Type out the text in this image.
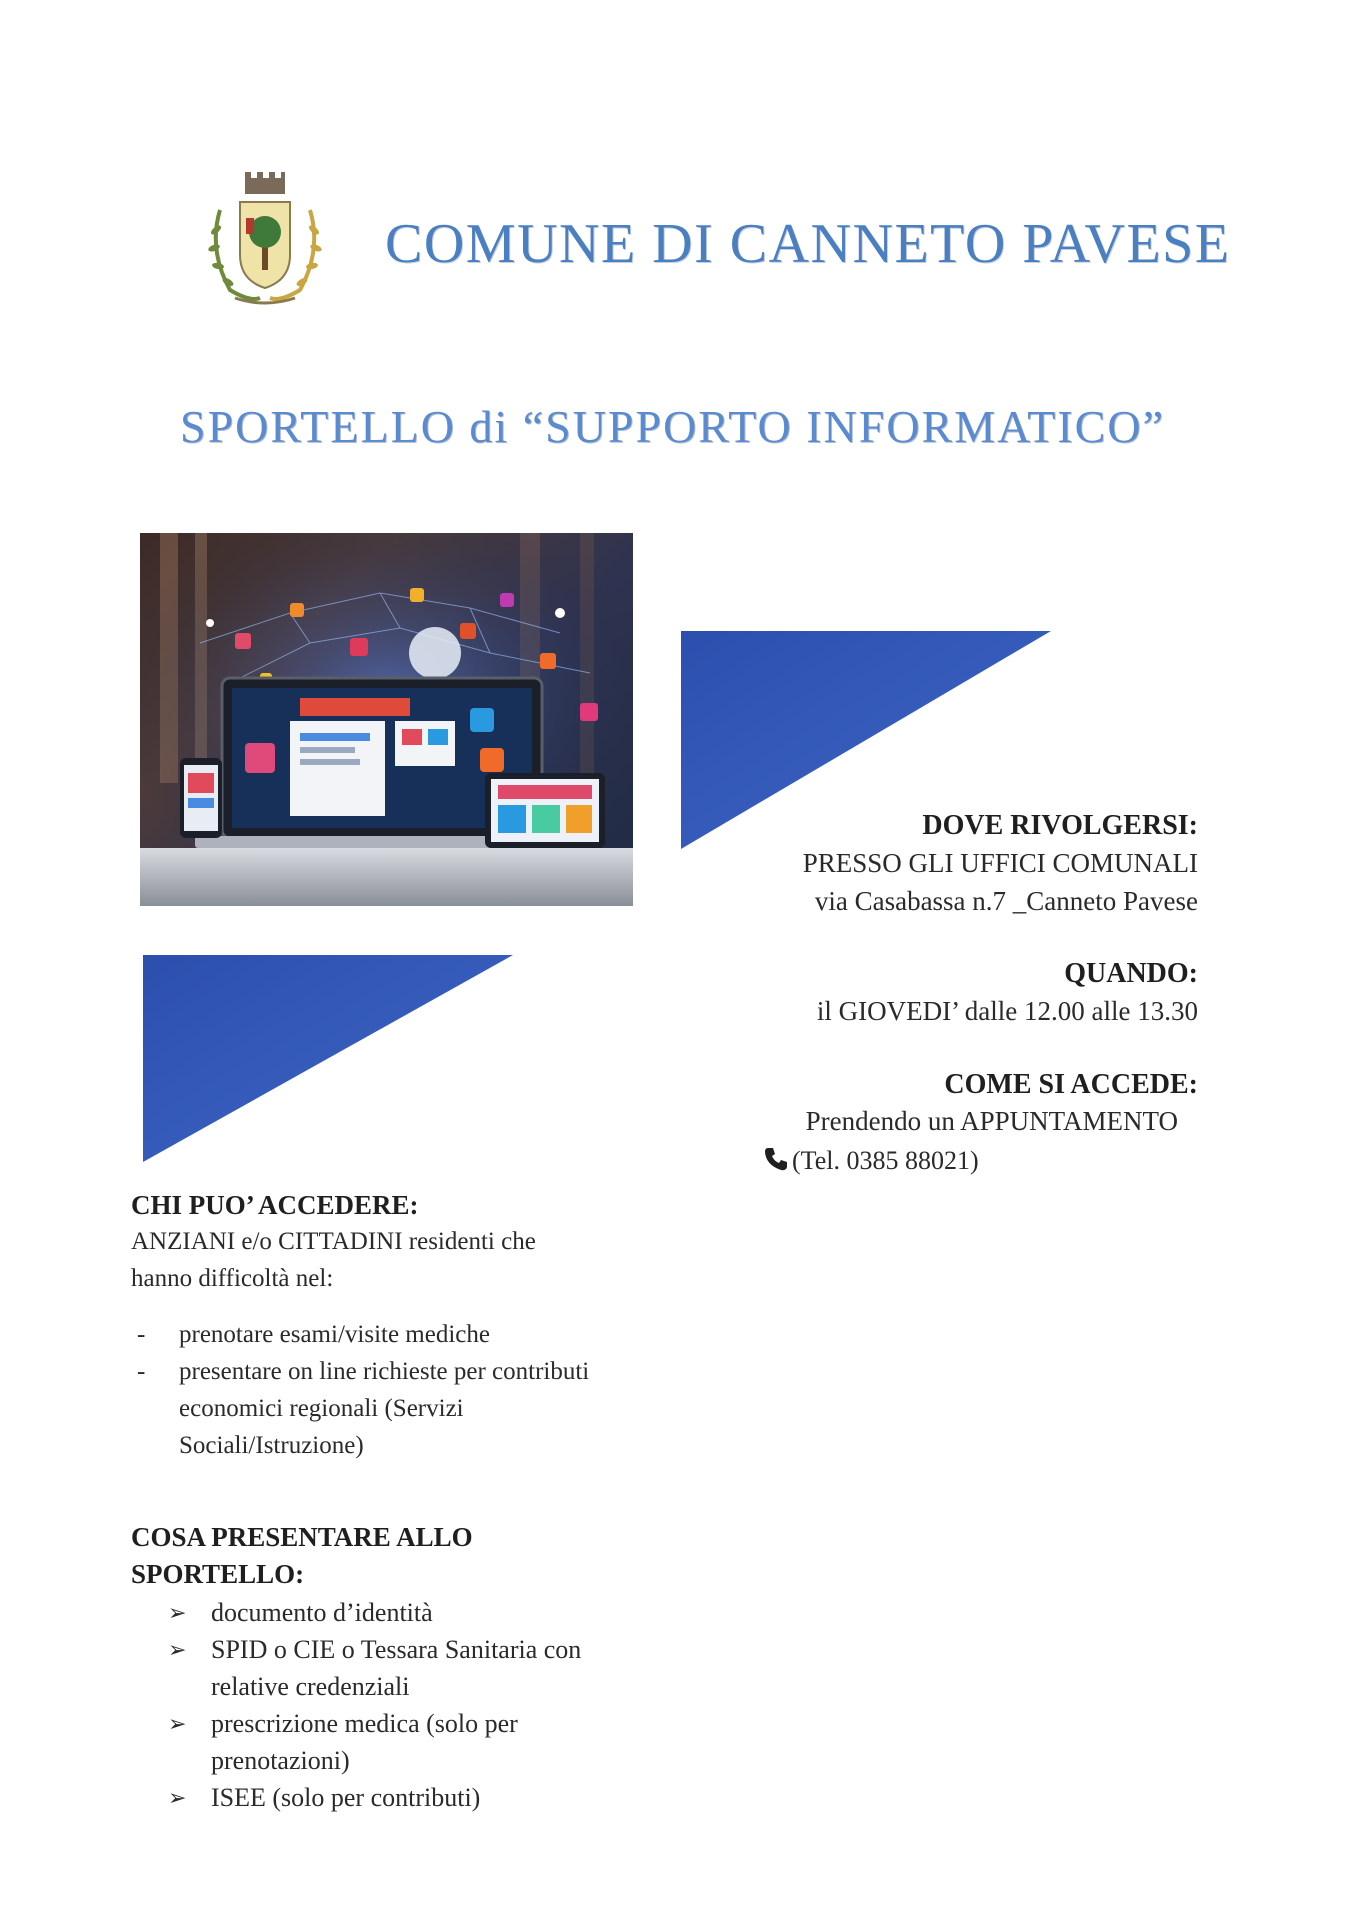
COMUNE DI CANNETO PAVESE
SPORTELLO di “SUPPORTO INFORMATICO”
DOVE RIVOLGERSI:
PRESSO GLI UFFICI COMUNALI
via Casabassa n.7 _Canneto Pavese
QUANDO:
il GIOVEDI’ dalle 12.00 alle 13.30
COME SI ACCEDE:
Prendendo un APPUNTAMENTO
(Tel. 0385 88021)
CHI PUO’ ACCEDERE:
ANZIANI e/o CITTADINI residenti che
hanno difficoltà nel:
- prenotare esami/visite mediche
- presentare on line richieste per contributi economici regionali (Servizi Sociali/Istruzione)
COSA PRESENTARE ALLO
SPORTELLO:
➢ documento d’identità
➢ SPID o CIE o Tessara Sanitaria con relative credenziali
➢ prescrizione medica (solo per prenotazioni)
➢ ISEE (solo per contributi)
